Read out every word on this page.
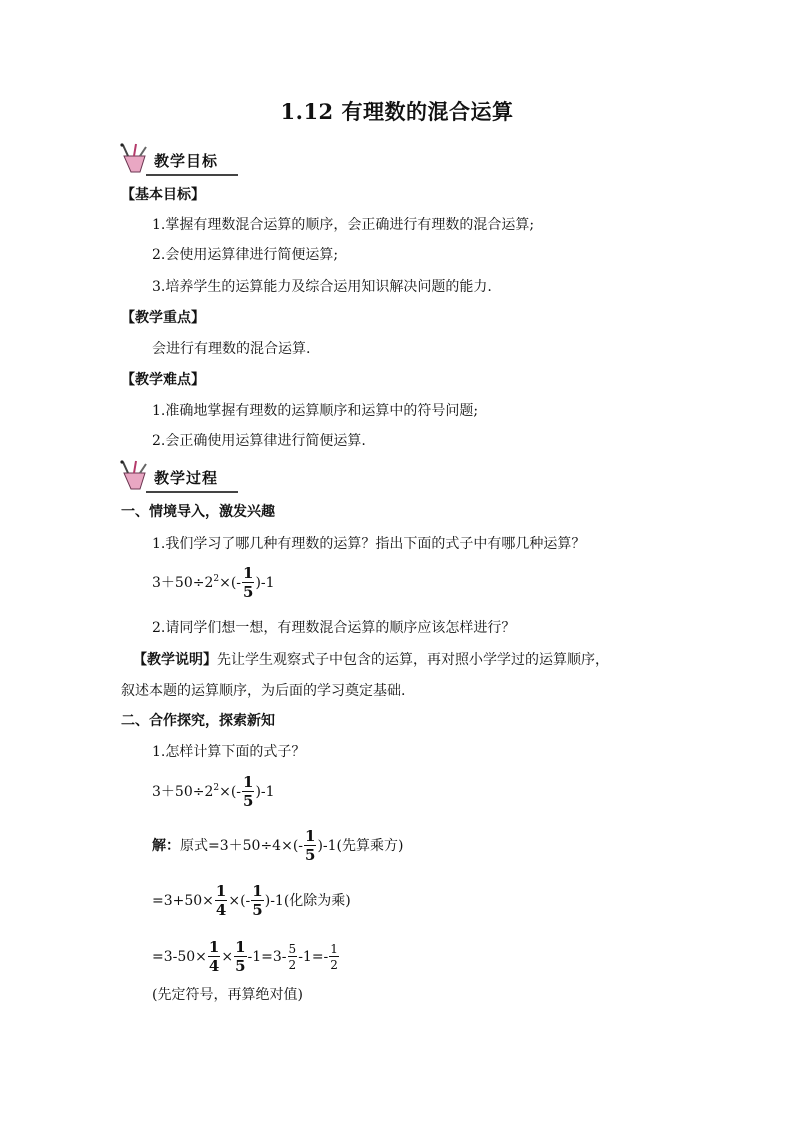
1.12 有理数的混合运算
教学目标
【基本目标】
1.掌握有理数混合运算的顺序，会正确进行有理数的混合运算;
2.会使用运算律进行简便运算;
3.培养学生的运算能力及综合运用知识解决问题的能力.
【教学重点】
会进行有理数的混合运算.
【教学难点】
1.准确地掌握有理数的运算顺序和运算中的符号问题;
2.会正确使用运算律进行简便运算.
教学过程
一、情境导入，激发兴趣
1.我们学习了哪几种有理数的运算？指出下面的式子中有哪几种运算？
$3+50\div 2^2\times(- \frac{1}{5} )-1$
2.请同学们想一想，有理数混合运算的顺序应该怎样进行？
【教学说明】先让学生观察式子中包含的运算，再对照小学学过的运算顺序，
叙述本题的运算顺序，为后面的学习奠定基础.
二、合作探究，探索新知
1.怎样计算下面的式子？
$3+50\div 2^2\times(- \frac{1}{5} )-1$
解：原式$=3+50\div 4\times(- \frac{1}{5} )-1$(先算乘方)
$=3+50\times \frac{1}{4}$ ×(- $\frac{1}{5} )-1$(化除为乘)
$=3-50\times \frac{1}{4} \times \frac{1}{5} -1=3- \frac{5}{2} -1=- \frac{1}{2}$
(先定符号，再算绝对值)
